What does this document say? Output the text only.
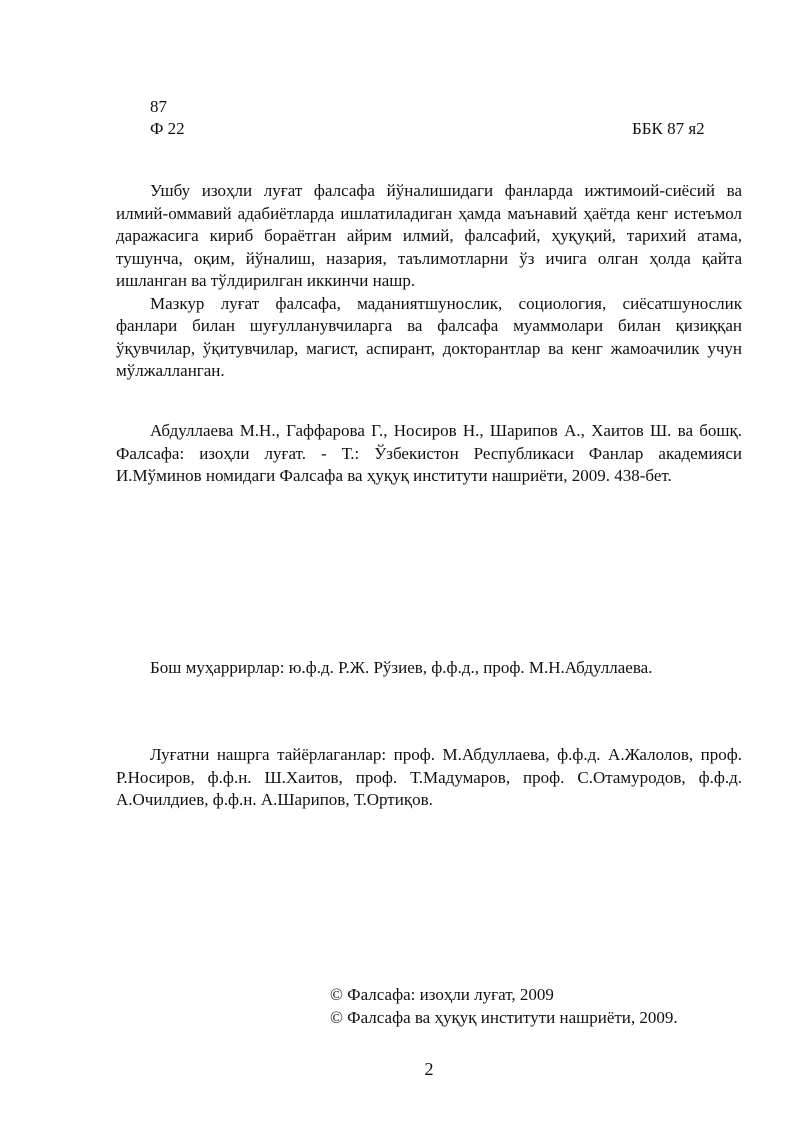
87
Ф 22	ББК 87 я2

Ушбу изоҳли луғат фалсафа йўналишидаги фанларда ижтимоий-сиёсий ва илмий-оммавий адабиётларда ишлатиладиган ҳамда маънавий ҳаётда кенг истеъмол даражасига кириб бораётган айрим илмий, фалсафий, ҳуқуқий, тарихий атама, тушунча, оқим, йўналиш, назария, таълимотларни ўз ичига олган ҳолда қайта ишланган ва тўлдирилган иккинчи нашр.

Мазкур луғат фалсафа, маданиятшунослик, социология, сиёсатшунослик фанлари билан шуғулланувчиларга ва фалсафа муаммолари билан қизиққан ўқувчилар, ўқитувчилар, магист, аспирант, докторантлар ва кенг жамоачилик учун мўлжалланган.

Абдуллаева М.Н., Гаффарова Г., Носиров Н., Шарипов А., Хаитов Ш. ва бошқ. Фалсафа: изоҳли луғат. - Т.: Ўзбекистон Республикаси Фанлар академияси И.Мўминов номидаги Фалсафа ва ҳуқуқ институти нашриёти, 2009. 438-бет.

Бош муҳаррирлар: ю.ф.д. Р.Ж. Рўзиев, ф.ф.д., проф. М.Н.Абдуллаева.

Луғатни нашрга тайёрлаганлар: проф. М.Абдуллаева, ф.ф.д. А.Жалолов, проф. Р.Носиров, ф.ф.н. Ш.Хаитов, проф. Т.Мадумаров, проф. С.Отамуродов, ф.ф.д. А.Очилдиев, ф.ф.н. А.Шарипов, Т.Ортиқов.

© Фалсафа: изоҳли луғат, 2009
© Фалсафа ва ҳуқуқ институти нашриёти, 2009.
2
